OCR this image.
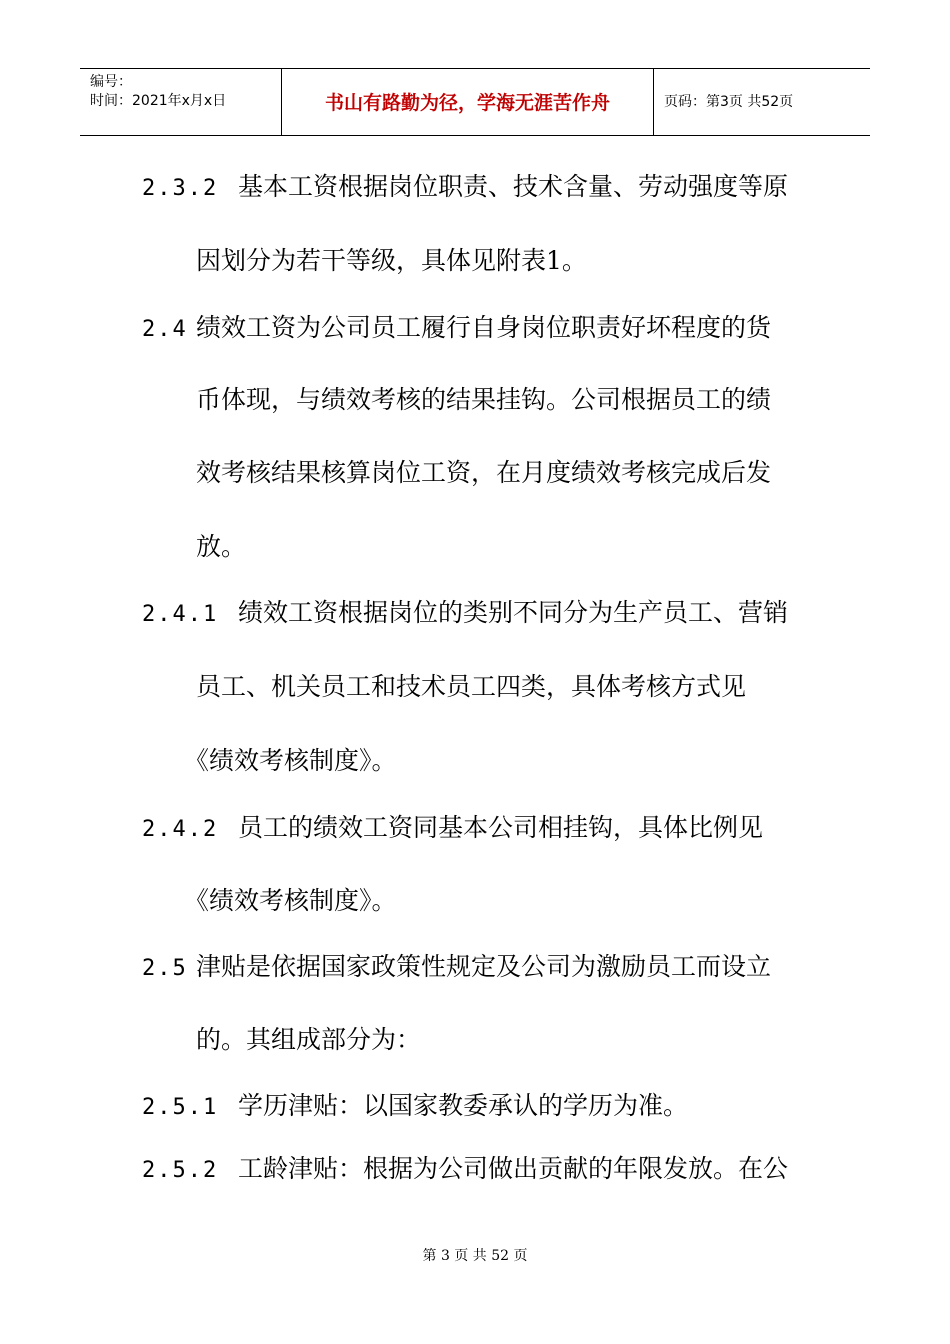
编号：
时间：2021年x月x日	书山有路勤为径，学海无涯苦作舟	页码：第3页 共52页
2.3.2 基本工资根据岗位职责、技术含量、劳动强度等原
因划分为若干等级，具体见附表1。
2.4 绩效工资为公司员工履行自身岗位职责好坏程度的货
币体现，与绩效考核的结果挂钩。公司根据员工的绩
效考核结果核算岗位工资，在月度绩效考核完成后发
放。
2.4.1 绩效工资根据岗位的类别不同分为生产员工、营销
员工、机关员工和技术员工四类，具体考核方式见
《绩效考核制度》。
2.4.2 员工的绩效工资同基本公司相挂钩，具体比例见
《绩效考核制度》。
2.5 津贴是依据国家政策性规定及公司为激励员工而设立
的。其组成部分为：
2.5.1 学历津贴：以国家教委承认的学历为准。
2.5.2 工龄津贴：根据为公司做出贡献的年限发放。在公
第 3 页 共 52 页
